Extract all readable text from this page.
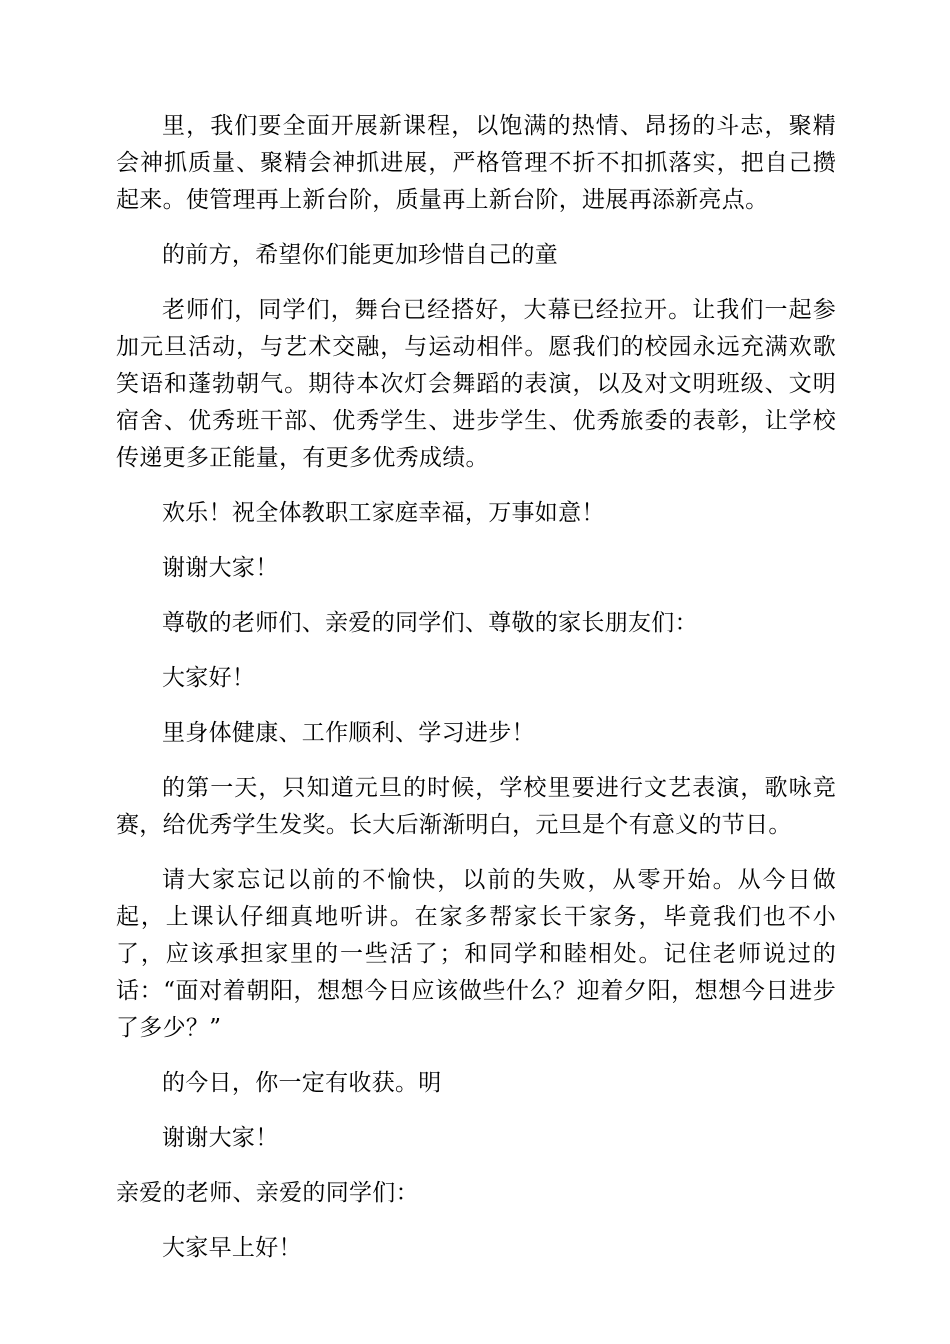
里，我们要全面开展新课程，以饱满的热情、昂扬的斗志，聚精会神抓质量、聚精会神抓进展，严格管理不折不扣抓落实，把自己攒起来。使管理再上新台阶，质量再上新台阶，进展再添新亮点。

的前方，希望你们能更加珍惜自己的童

老师们，同学们，舞台已经搭好，大幕已经拉开。让我们一起参加元旦活动，与艺术交融，与运动相伴。愿我们的校园永远充满欢歌笑语和蓬勃朝气。期待本次灯会舞蹈的表演，以及对文明班级、文明宿舍、优秀班干部、优秀学生、进步学生、优秀旅委的表彰，让学校传递更多正能量，有更多优秀成绩。

欢乐！祝全体教职工家庭幸福，万事如意！

谢谢大家！

尊敬的老师们、亲爱的同学们、尊敬的家长朋友们：

大家好！

里身体健康、工作顺利、学习进步！

的第一天，只知道元旦的时候，学校里要进行文艺表演，歌咏竞赛，给优秀学生发奖。长大后渐渐明白，元旦是个有意义的节日。

请大家忘记以前的不愉快，以前的失败，从零开始。从今日做起，上课认仔细真地听讲。在家多帮家长干家务，毕竟我们也不小了，应该承担家里的一些活了；和同学和睦相处。记住老师说过的话：“面对着朝阳，想想今日应该做些什么？迎着夕阳，想想今日进步了多少？”

的今日，你一定有收获。明

谢谢大家！

亲爱的老师、亲爱的同学们：

大家早上好！
